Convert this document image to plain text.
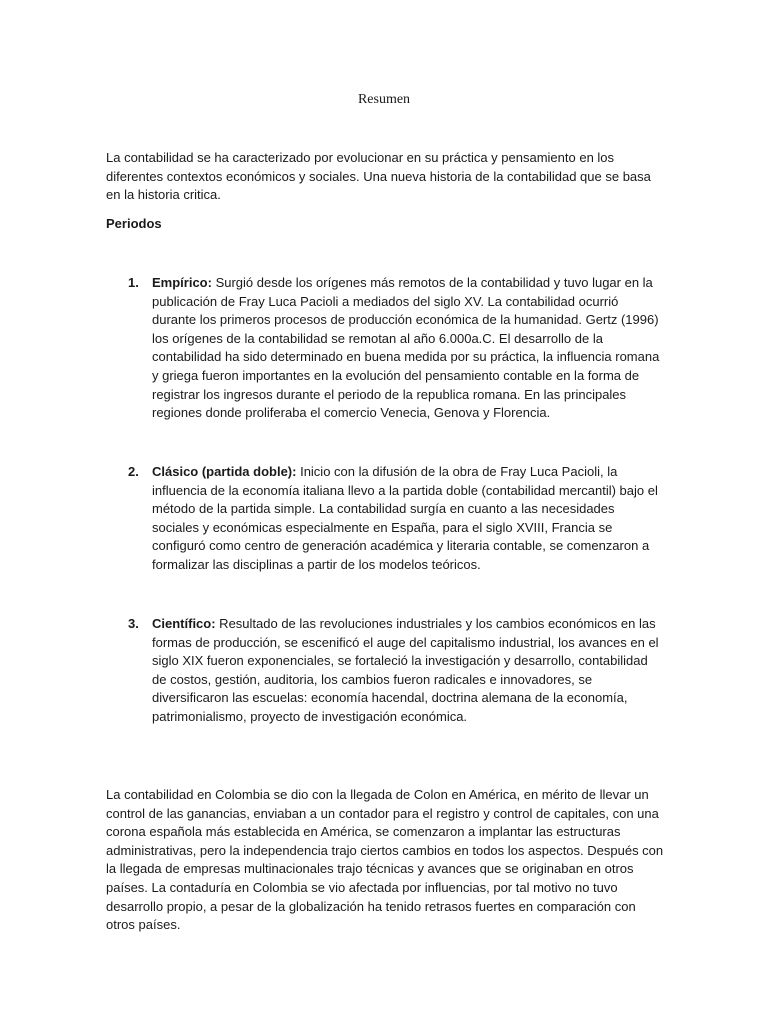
Resumen

La contabilidad se ha caracterizado por evolucionar en su práctica y pensamiento en los diferentes contextos económicos y sociales. Una nueva historia de la contabilidad que se basa en la historia critica.

Periodos

1. Empírico: Surgió desde los orígenes más remotos de la contabilidad y tuvo lugar en la publicación de Fray Luca Pacioli a mediados del siglo XV. La contabilidad ocurrió durante los primeros procesos de producción económica de la humanidad. Gertz (1996) los orígenes de la contabilidad se remotan al año 6.000a.C. El desarrollo de la contabilidad ha sido determinado en buena medida por su práctica, la influencia romana y griega fueron importantes en la evolución del pensamiento contable en la forma de registrar los ingresos durante el periodo de la republica romana. En las principales regiones donde proliferaba el comercio Venecia, Genova y Florencia.
2. Clásico (partida doble): Inicio con la difusión de la obra de Fray Luca Pacioli, la influencia de la economía italiana llevo a la partida doble (contabilidad mercantil) bajo el método de la partida simple. La contabilidad surgía en cuanto a las necesidades sociales y económicas especialmente en España, para el siglo XVIII, Francia se configuró como centro de generación académica y literaria contable, se comenzaron a formalizar las disciplinas a partir de los modelos teóricos.
3. Científico: Resultado de las revoluciones industriales y los cambios económicos en las formas de producción, se escenificó el auge del capitalismo industrial, los avances en el siglo XIX fueron exponenciales, se fortaleció la investigación y desarrollo, contabilidad de costos, gestión, auditoria, los cambios fueron radicales e innovadores, se diversificaron las escuelas: economía hacendal, doctrina alemana de la economía, patrimonialismo, proyecto de investigación económica.

La contabilidad en Colombia se dio con la llegada de Colon en América, en mérito de llevar un control de las ganancias, enviaban a un contador para el registro y control de capitales, con una corona española más establecida en América, se comenzaron a implantar las estructuras administrativas, pero la independencia trajo ciertos cambios en todos los aspectos. Después con la llegada de empresas multinacionales trajo técnicas y avances que se originaban en otros países. La contaduría en Colombia se vio afectada por influencias, por tal motivo no tuvo desarrollo propio, a pesar de la globalización ha tenido retrasos fuertes en comparación con otros países.
